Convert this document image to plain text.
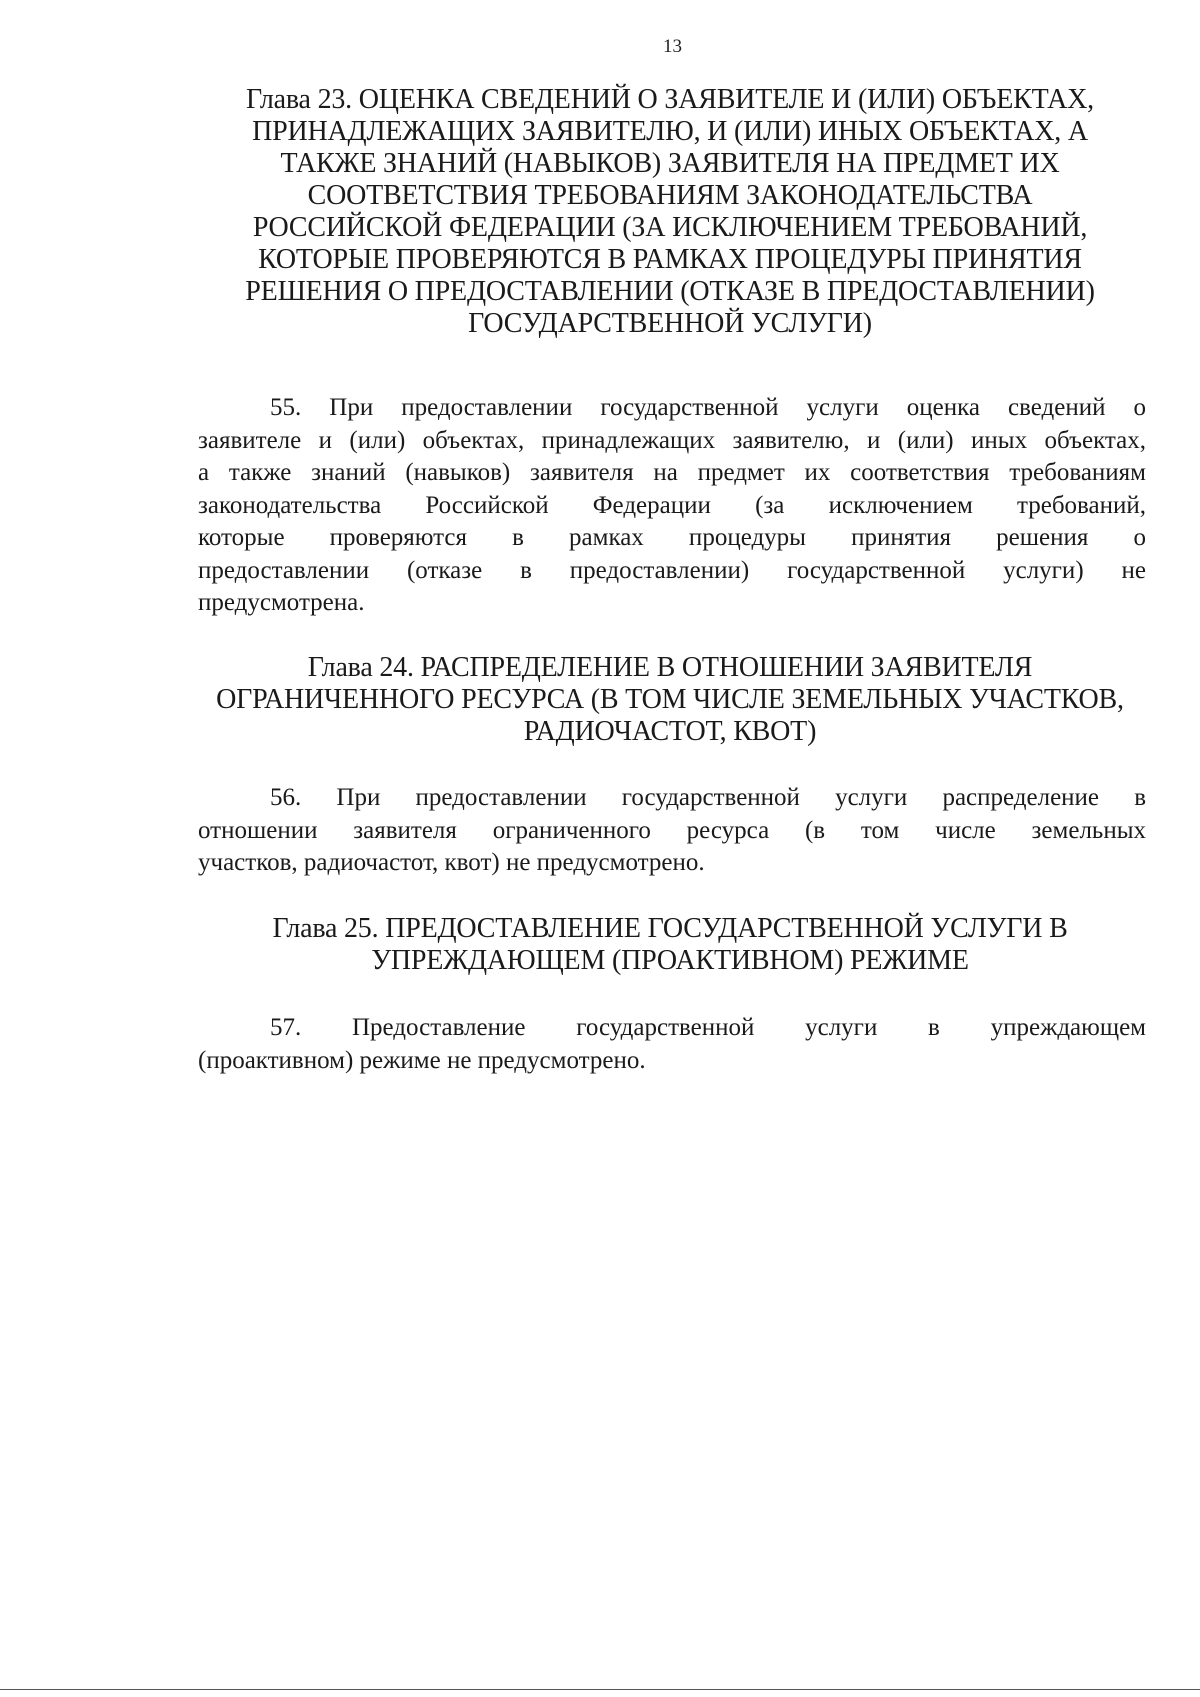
13
Глава 23. ОЦЕНКА СВЕДЕНИЙ О ЗАЯВИТЕЛЕ И (ИЛИ) ОБЪЕКТАХ,
ПРИНАДЛЕЖАЩИХ ЗАЯВИТЕЛЮ, И (ИЛИ) ИНЫХ ОБЪЕКТАХ, А
ТАКЖЕ ЗНАНИЙ (НАВЫКОВ) ЗАЯВИТЕЛЯ НА ПРЕДМЕТ ИХ
СООТВЕТСТВИЯ ТРЕБОВАНИЯМ ЗАКОНОДАТЕЛЬСТВА
РОССИЙСКОЙ ФЕДЕРАЦИИ (ЗА ИСКЛЮЧЕНИЕМ ТРЕБОВАНИЙ,
КОТОРЫЕ ПРОВЕРЯЮТСЯ В РАМКАХ ПРОЦЕДУРЫ ПРИНЯТИЯ
РЕШЕНИЯ О ПРЕДОСТАВЛЕНИИ (ОТКАЗЕ В ПРЕДОСТАВЛЕНИИ)
ГОСУДАРСТВЕННОЙ УСЛУГИ)
55. При предоставлении государственной услуги оценка сведений о
заявителе и (или) объектах, принадлежащих заявителю, и (или) иных объектах,
а также знаний (навыков) заявителя на предмет их соответствия требованиям
законодательства Российской Федерации (за исключением требований,
которые проверяются в рамках процедуры принятия решения о
предоставлении (отказе в предоставлении) государственной услуги) не
предусмотрена.
Глава 24. РАСПРЕДЕЛЕНИЕ В ОТНОШЕНИИ ЗАЯВИТЕЛЯ
ОГРАНИЧЕННОГО РЕСУРСА (В ТОМ ЧИСЛЕ ЗЕМЕЛЬНЫХ УЧАСТКОВ,
РАДИОЧАСТОТ, КВОТ)
56. При предоставлении государственной услуги распределение в
отношении заявителя ограниченного ресурса (в том числе земельных
участков, радиочастот, квот) не предусмотрено.
Глава 25. ПРЕДОСТАВЛЕНИЕ ГОСУДАРСТВЕННОЙ УСЛУГИ В
УПРЕЖДАЮЩЕМ (ПРОАКТИВНОМ) РЕЖИМЕ
57. Предоставление государственной услуги в упреждающем
(проактивном) режиме не предусмотрено.
